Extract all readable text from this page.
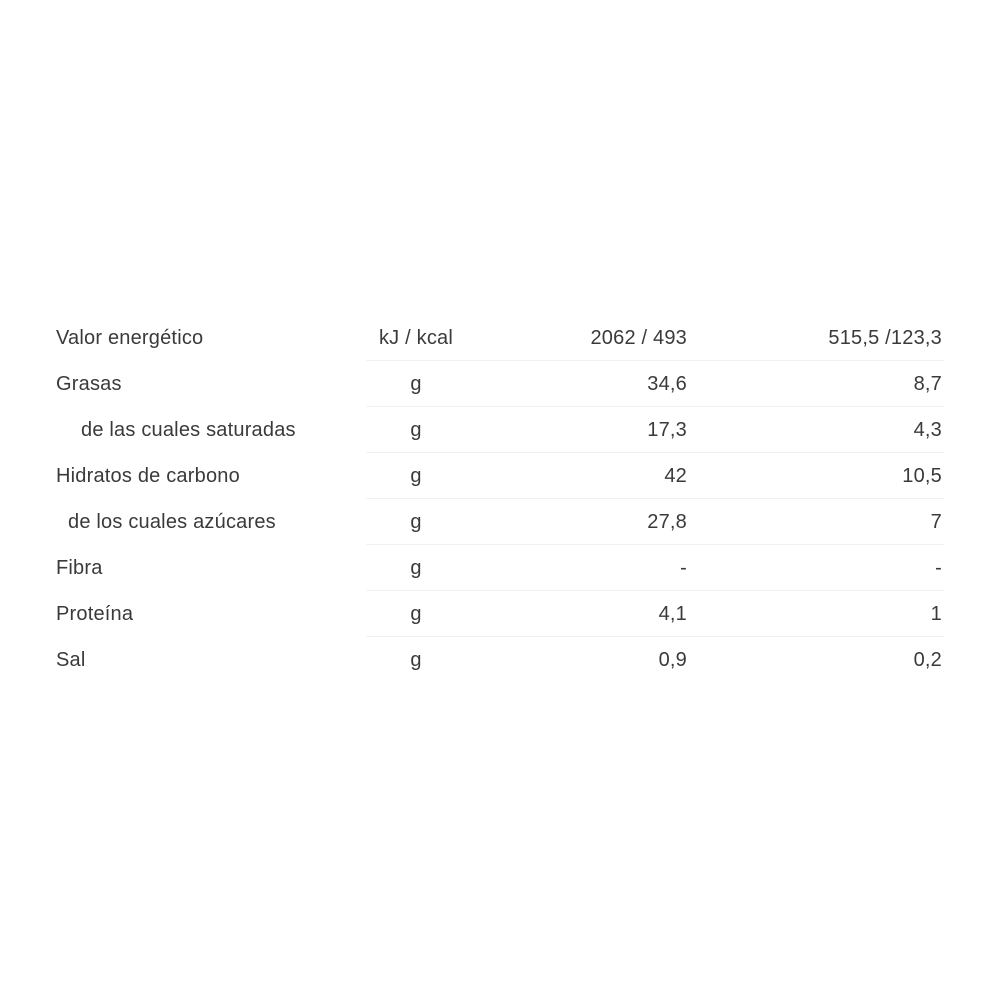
Valor energético	kJ / kcal	2062 / 493	515,5 /123,3
Grasas	g	34,6	8,7
de las cuales saturadas	g	17,3	4,3
Hidratos de carbono	g	42	10,5
de los cuales azúcares	g	27,8	7
Fibra	g	-	-
Proteína	g	4,1	1
Sal	g	0,9	0,2
